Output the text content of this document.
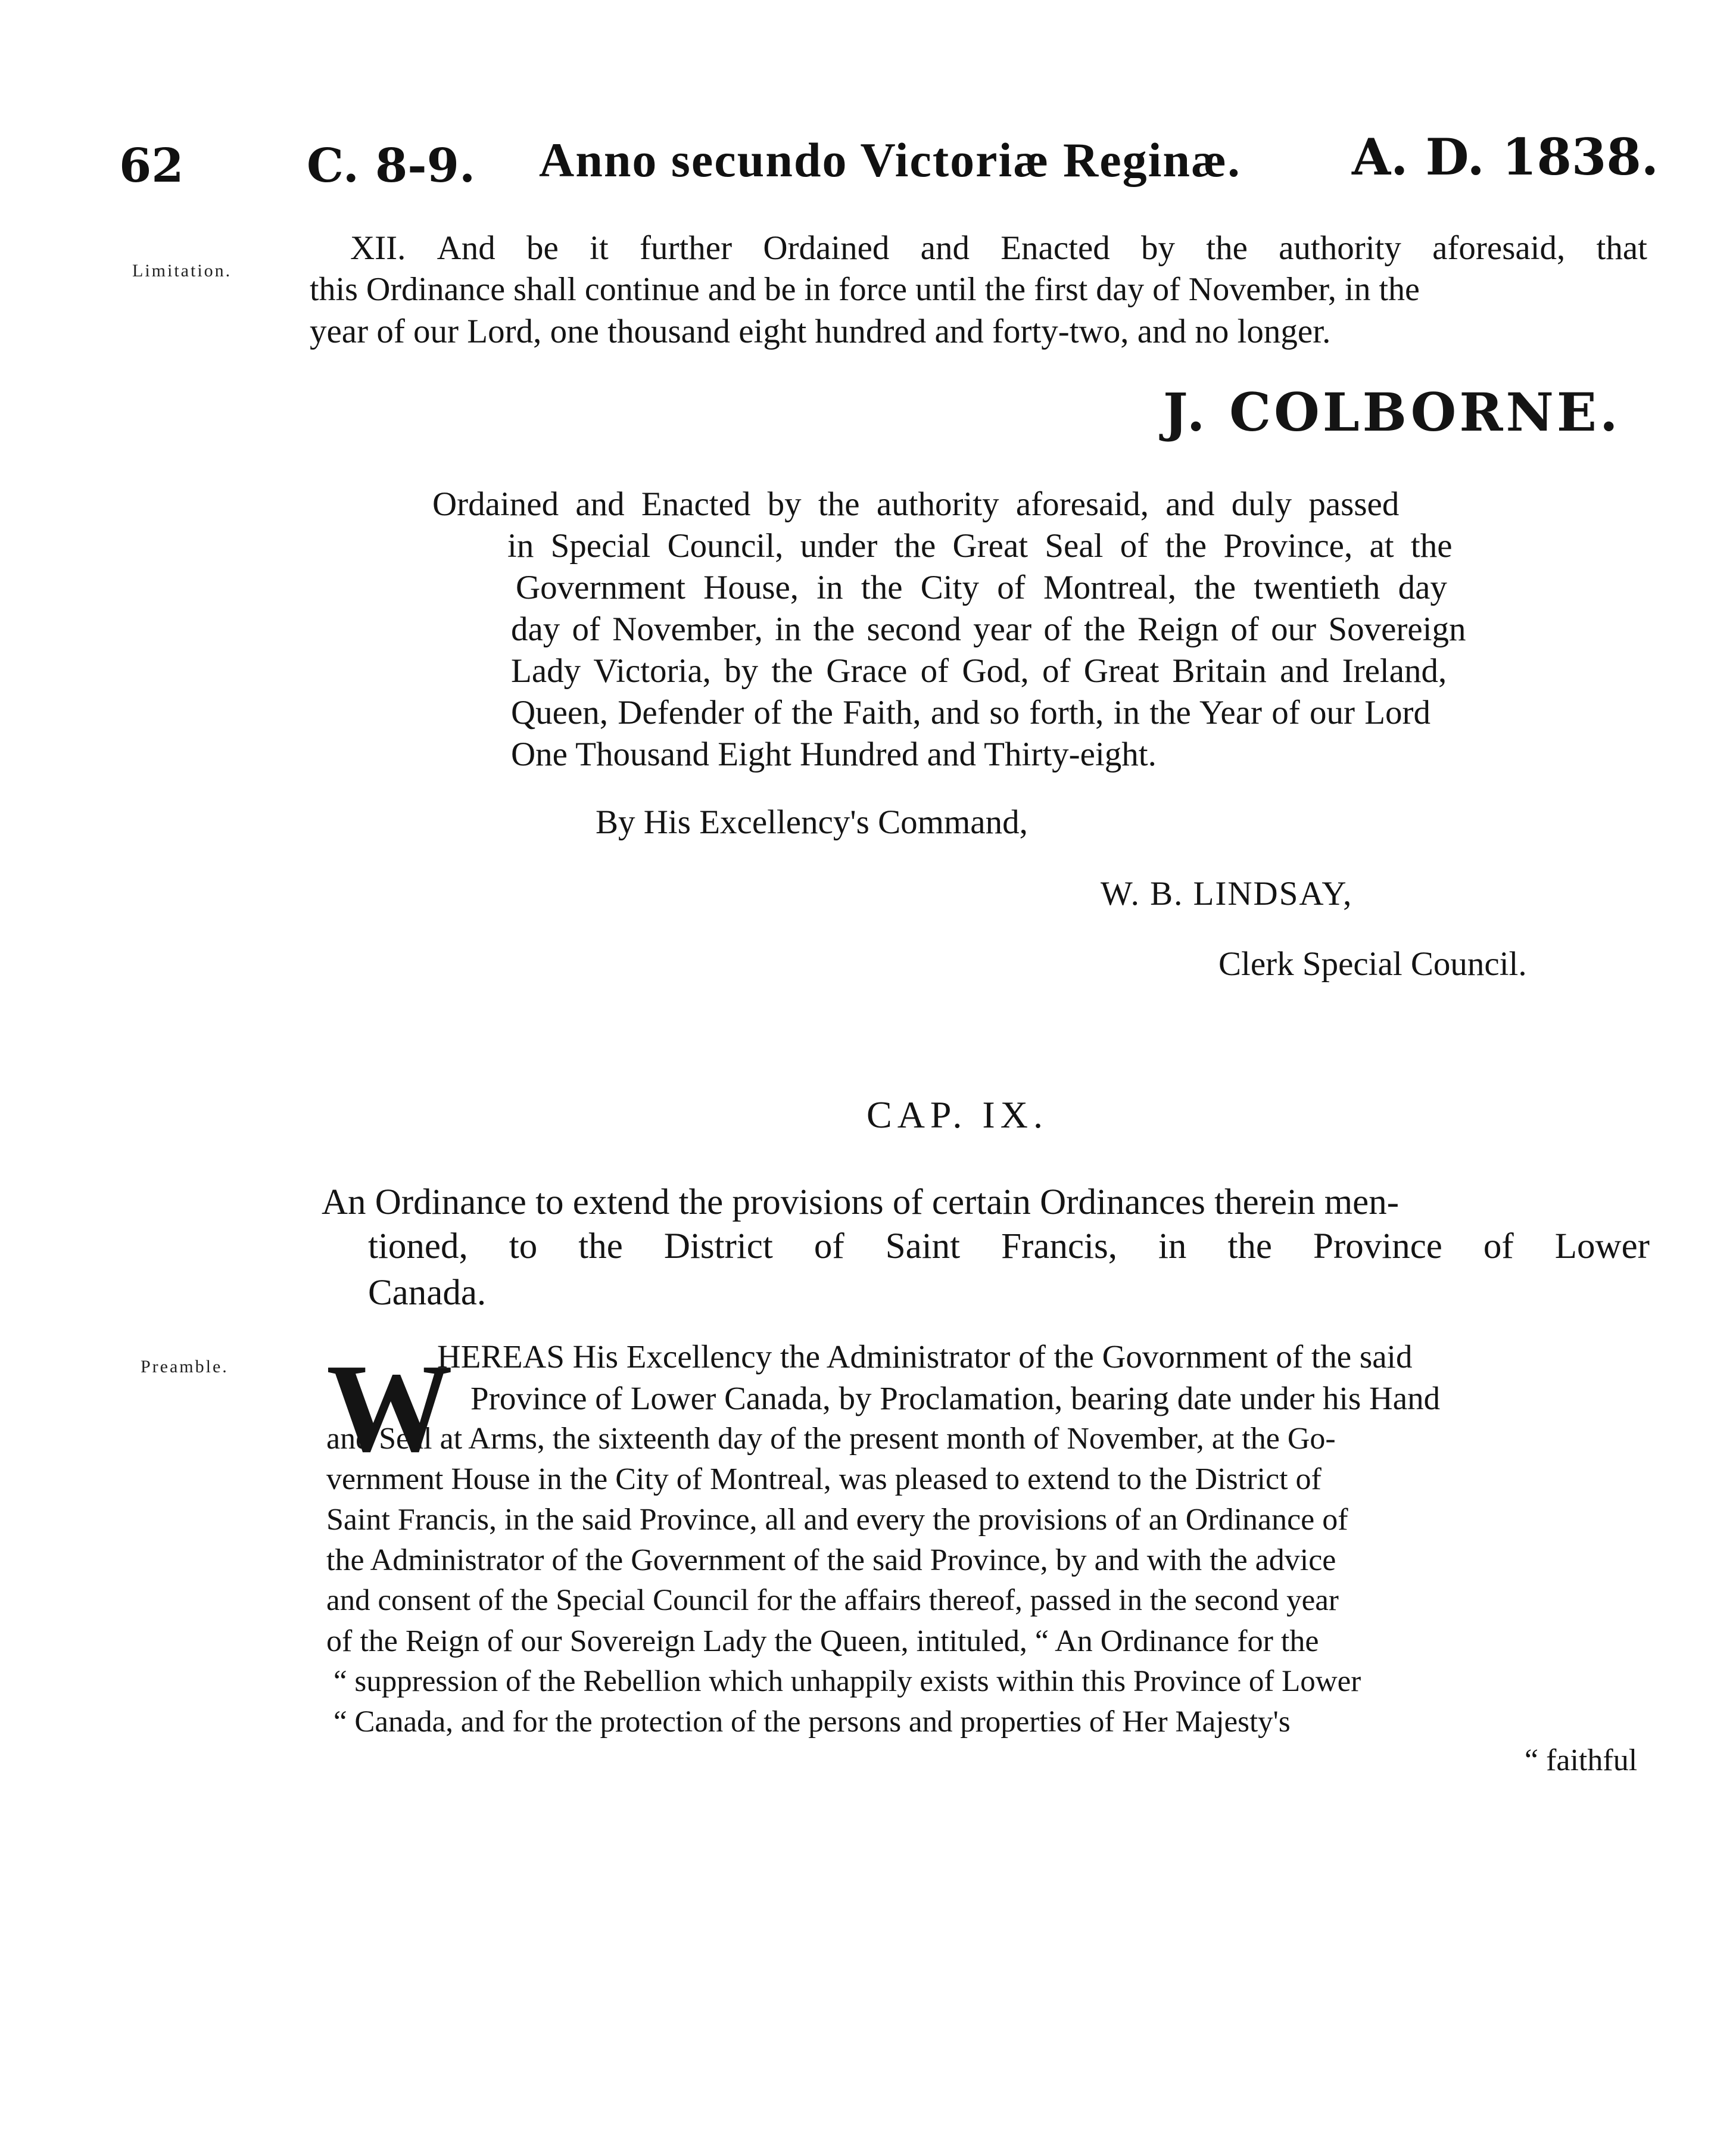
62	C. 8-9. Anno secundo Victoriæ Reginæ. A. D. 1838.
Limitation.
XII. And be it further Ordained and Enacted by the authority aforesaid, that
this Ordinance shall continue and be in force until the first day of November, in the
year of our Lord, one thousand eight hundred and forty-two, and no longer.
J. COLBORNE.
Ordained and Enacted by the authority aforesaid, and duly passed
in Special Council, under the Great Seal of the Province, at the
Government House, in the City of Montreal, the twentieth day
day of November, in the second year of the Reign of our Sovereign
Lady Victoria, by the Grace of God, of Great Britain and Ireland,
Queen, Defender of the Faith, and so forth, in the Year of our Lord
One Thousand Eight Hundred and Thirty-eight.
By His Excellency's Command,
W. B. LINDSAY,
Clerk Special Council.
CAP. IX.
An Ordinance to extend the provisions of certain Ordinances therein men-
tioned, to the District of Saint Francis, in the Province of Lower
Canada.
Preamble. W
HEREAS His Excellency the Administrator of the Govornment of the said
Province of Lower Canada, by Proclamation, bearing date under his Hand
and Seal at Arms, the sixteenth day of the present month of November, at the Go-
vernment House in the City of Montreal, was pleased to extend to the District of
Saint Francis, in the said Province, all and every the provisions of an Ordinance of
the Administrator of the Government of the said Province, by and with the advice
and consent of the Special Council for the affairs thereof, passed in the second year
of the Reign of our Sovereign Lady the Queen, intituled, “ An Ordinance for the
“ suppression of the Rebellion which unhappily exists within this Province of Lower
“ Canada, and for the protection of the persons and properties of Her Majesty's
“ faithful
